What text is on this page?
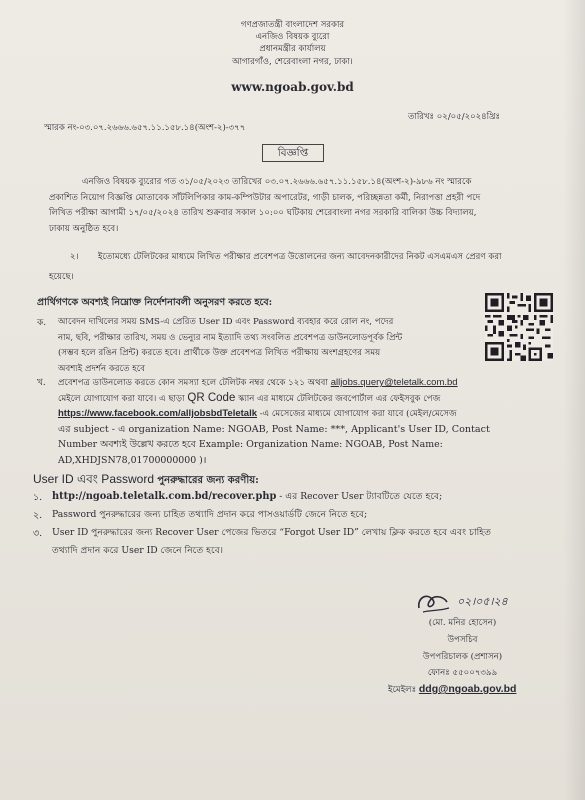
গণপ্রজাতন্ত্রী বাংলাদেশ সরকার
এনজিও বিষয়ক ব্যুরো
প্রধানমন্ত্রীর কার্যালয়
আগারগাঁও, শেরেবাংলা নগর, ঢাকা।
www.ngoab.gov.bd
স্মারক নং-০৩.০৭.২৬৬৬.৬৫৭.১১.১৫৮.১৪(অংশ-২)-৩৭৭
তারিখঃ ০২/০৫/২০২৪খ্রিঃ
বিজ্ঞপ্তি
এনজিও বিষয়ক ব্যুরোর গত ৩১/০৫/২০২৩ তারিখের ০৩.০৭.২৬৬৬.৬৫৭.১১.১৫৮.১৪(অংশ-২)-৯৮৬ নং স্মারকে
প্রকাশিত নিয়োগ বিজ্ঞপ্তি মোতাবেক সাঁটলিপিকার কাম-কম্পিউটার অপারেটর, গাড়ী চালক, পরিচ্ছন্নতা কর্মী, নিরাপত্তা প্রহরী পদে
লিখিত পরীক্ষা আগামী ১৭/০৫/২০২৪ তারিখ শুক্রবার সকাল ১০:০০ ঘটিকায় শেরেবাংলা নগর সরকারি বালিকা উচ্চ বিদ্যালয়,
ঢাকায় অনুষ্ঠিত হবে।
২। ইতোমধ্যে টেলিটকের মাধ্যমে লিখিত পরীক্ষার প্রবেশপত্র উত্তোলনের জন্য আবেদনকারীদের নিকট এসএমএস প্রেরণ করা
হয়েছে।
প্রার্থিগণকে অবশ্যই নিম্নোক্ত নির্দেশনাবলী অনুসরণ করতে হবে:
ক. আবেদন দাখিলের সময় SMS-এ প্রেরিত User ID এবং Password ব্যবহার করে রোল নং, পদের
নাম, ছবি, পরীক্ষার তারিখ, সময় ও ভেন্যুর নাম ইত্যাদি তথ্য সংবলিত প্রবেশপত্র ডাউনলোডপূর্বক প্রিন্ট
(সম্ভব হলে রঙিন প্রিন্ট) করতে হবে। প্রার্থীকে উক্ত প্রবেশপত্র লিখিত পরীক্ষায় অংশগ্রহণের সময়
অবশ্যই প্রদর্শন করতে হবে
খ. প্রবেশপত্র ডাউনলোড করতে কোন সমস্যা হলে টেলিটক নম্বর থেকে ১২১ অথবা alljobs.query@teletalk.com.bd
মেইলে যোগাযোগ করা যাবে। এ ছাড়া QR Code স্ক্যান এর মাধ্যমে টেলিটকের জবপোর্টাল এর ফেইসবুক পেজ
https://www.facebook.com/alljobsbdTeletalk -এ মেসেজের মাধ্যমে যোগাযোগ করা যাবে (মেইল/মেসেজ
এর subject - এ organization Name: NGOAB, Post Name: ***, Applicant's User ID, Contact
Number অবশ্যই উল্লেখ করতে হবে Example: Organization Name: NGOAB, Post Name:
AD,XHDJSN78,01700000000 )।
User ID এবং Password পুনরুদ্ধারের জন্য করণীয়:
১. http://ngoab.teletalk.com.bd/recover.php - এর Recover User ট্যাবটিতে যেতে হবে;
২. Password পুনরুদ্ধারের জন্য চাহিত তথ্যাদি প্রদান করে পাসওয়ার্ডটি জেনে নিতে হবে;
৩. User ID পুনরুদ্ধারের জন্য Recover User পেজের ভিতরে “Forgot User ID” লেখায় ক্লিক করতে হবে এবং চাহিত
তথ্যাদি প্রদান করে User ID জেনে নিতে হবে।
০২।০৫।২৪
(মো. মনির হোসেন)
উপসচিব
উপপরিচালক (প্রশাসন)
ফোনঃ ৫৫০০৭৩৯৯
ইমেইলঃ ddg@ngoab.gov.bd
